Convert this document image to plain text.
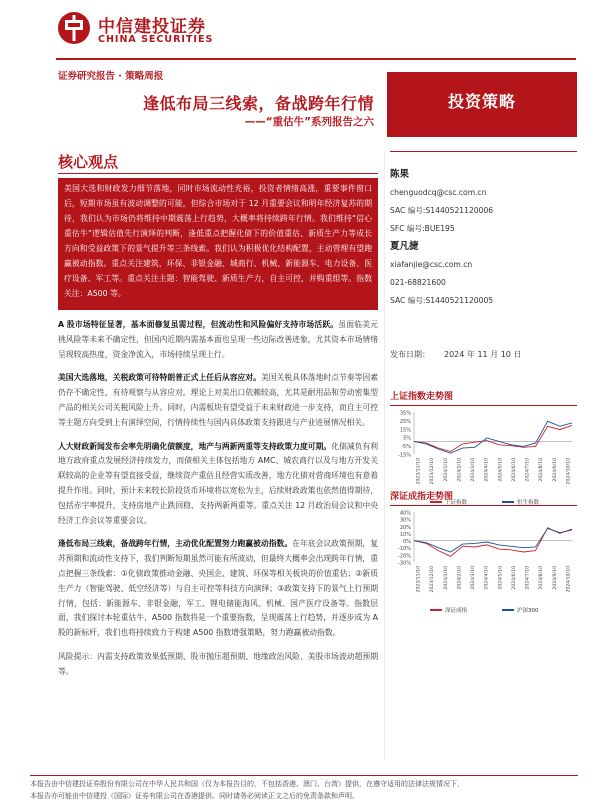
中信建投证券
CHINA SECURITIES
证券研究报告 · 策略周报
逢低布局三线索，备战跨年行情
——“重估牛”系列报告之六
投资策略
核心观点

美国大选和财政发力细节落地，同时市场流动性充裕，投资者情绪高涨，重要事件窗口后，短期市场虽有波动调整的可能，但综合市场对于 12 月重要会议和明年经济复苏的期待，我们认为市场仍将维持中期震荡上行趋势，大概率将持续跨年行情。我们维持“信心重估牛”逻辑估值先行演绎的判断，逢低重点把握化债下的价值重估、新质生产力等成长方向和受益政策下的景气提升等三条线索。我们认为积极优化结构配置，主动管理有望跑赢被动指数。重点关注建筑、环保、非银金融、城商行、机械、新能源车、电力设备、医疗设备、军工等。重点关注主题：智能驾驶、新质生产力，自主可控，并购重组等。指数关注：A500 等。

A 股市场特征显著，基本面修复虽需过程，但流动性和风险偏好支持市场活跃。虽面临美元挑风险等未来不确定性，但国内近期内需基本面也呈现一些边际改善迹象，尤其资本市场情绪呈现较高热度，资金净流入，市场持续呈现上行。

美国大选落地，关税政策可待特朗普正式上任后从容应对。美国关税具体落地时点节奏等因素仍存不确定性，有待观察与从容应对。理论上对美出口依赖较高，尤其是耐用品和劳动密集型产品的相关公司关税风险上升。同时，内需板块有望受益于未来财政进一步支持，而自主可控等主题方向受到上有演绎空间，行情持续性与国内具体政策支持跟进与产业进展情况相关。

人大财政新闻发布会率先明确化债额度，地产与两新两重等支持政策力度可期。化债减负有利地方政府重点发展经济持续发力，而债相关主体包括地方 AMC、城农商行以及与地方开发关联较高的企业等有望直接受益，继续资产重估且经营实质改善，地方化债对营商环境也有意着提升作用。同时，预计未来较长阶段货币环境将以宽松为主，后续财政政策也依然值得期待，包括赤字率提升，支持房地产止跌回稳、支持两新两重等。重点关注 12 月政治局会议和中央经济工作会议等重要会议。

逢低布局三线索，备战跨年行情，主动优化配置努力跑赢被动指数。在年底会议政策预期，复苏预期和流动性支持下，我们判断短期虽然可能有所波动，但最终大概率会出现跨年行情，重点把握三条线索：①化债政策推动金融、央国企、建筑、环保等相关板块的价值重估；②新质生产力（智能驾驶、低空经济等）与自主可控等科技方向演绎；③政策支持下的景气上行预期行情，包括：新能源车、非银金融，军工、锂电储能海风、机械、国产医疗设备等。指数层面，我们探讨本轮重估牛，A500 指数将是一个重要指数，呈现震荡上行趋势，并逐步成为 A 股的新标杆，我们也将持续致力于构建 A500 指数增强策略，努力跑赢被动指数。

风险提示：内需支持政策效果低预期、股市抛压超预期、地缘政治风险、美股市场波动超预期等。

陈果
chenguodcq@csc.com.cn
SAC 编号:S1440521120006
SFC 编号:BUE195
夏凡捷
xiafanjie@csc.com.cn
021-68821600
SAC 编号:S1440521120005
发布日期： 2024 年 11 月 10 日
上证指数走势图
35%
25%
15%
5%
-5%
-15%
2023/11/10 2023/12/10 2024/1/10 2024/2/10 2024/3/10 2024/4/10 2024/5/10 2024/6/10 2024/7/10 2024/8/10 2024/9/10 2024/10/10
上证指数	恒生指数
深证成指走势图
40%
30%
20%
10%
0%
-10%
-20%
-30%
2023/11/10 2023/12/10 2024/1/10 2024/2/10 2024/3/10 2024/4/10 2024/5/10 2024/6/10 2024/7/10 2024/8/10 2024/9/10 2024/10/10
深证成指	沪深300
本报告由中信建投证券股份有限公司在中华人民共和国（仅为本报告目的，不包括香港、澳门、台湾）提供，在遵守适用的法律法规情况下，
本报告亦可能由中信建投（国际）证券有限公司在香港提供。同时请务必阅读正文之后的免责条款和声明。
